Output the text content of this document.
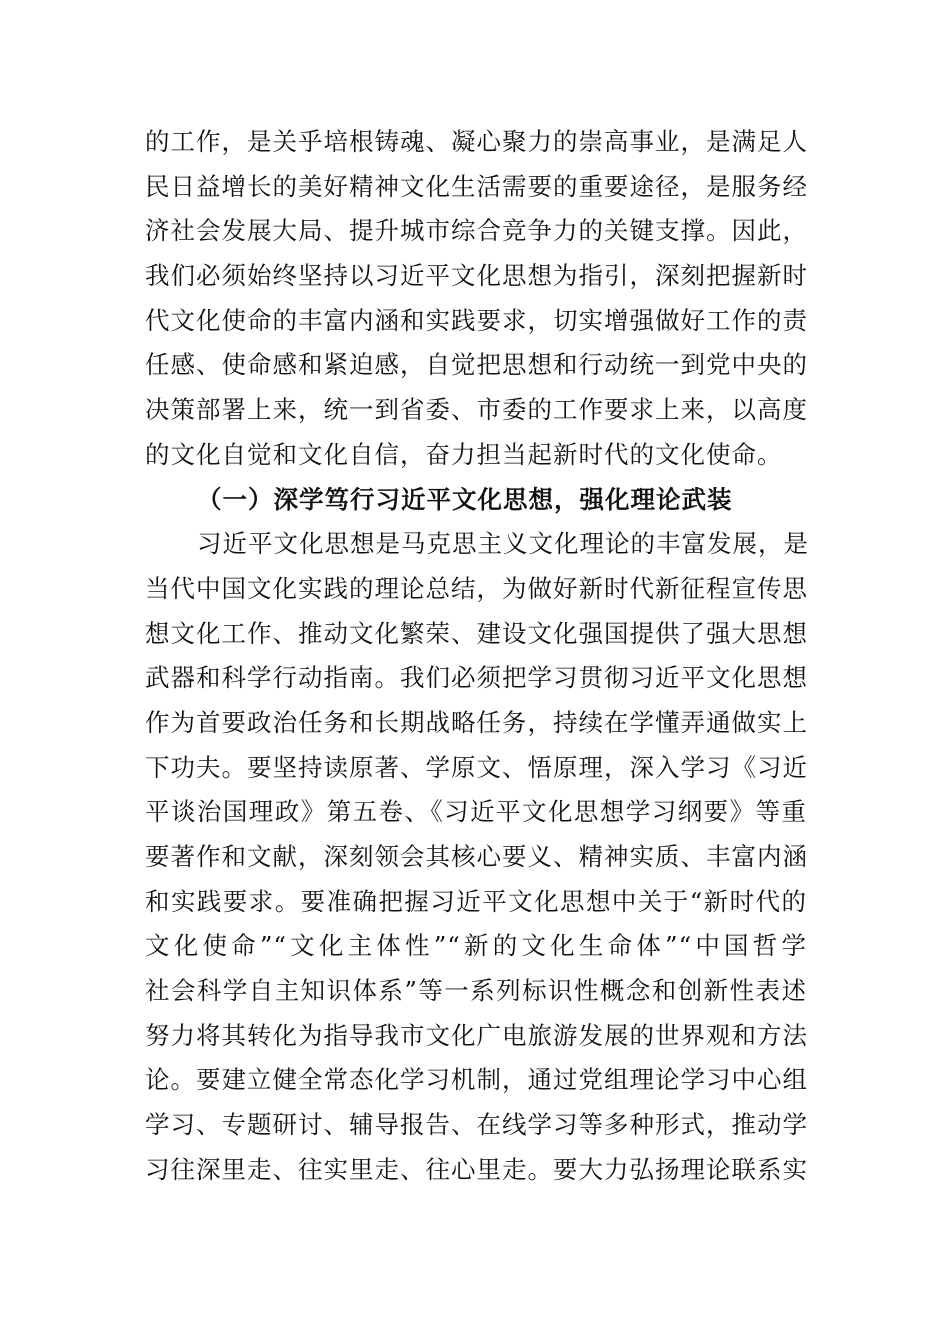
的工作，是关乎培根铸魂、凝心聚力的崇高事业，是满足人
民日益增长的美好精神文化生活需要的重要途径，是服务经
济社会发展大局、提升城市综合竞争力的关键支撑。因此，
我们必须始终坚持以习近平文化思想为指引，深刻把握新时
代文化使命的丰富内涵和实践要求，切实增强做好工作的责
任感、使命感和紧迫感，自觉把思想和行动统一到党中央的
决策部署上来，统一到省委、市委的工作要求上来，以高度
的文化自觉和文化自信，奋力担当起新时代的文化使命。
（一）深学笃行习近平文化思想，强化理论武装
习近平文化思想是马克思主义文化理论的丰富发展，是
当代中国文化实践的理论总结，为做好新时代新征程宣传思
想文化工作、推动文化繁荣、建设文化强国提供了强大思想
武器和科学行动指南。我们必须把学习贯彻习近平文化思想
作为首要政治任务和长期战略任务，持续在学懂弄通做实上
下功夫。要坚持读原著、学原文、悟原理，深入学习《习近
平谈治国理政》第五卷、《习近平文化思想学习纲要》等重
要著作和文献，深刻领会其核心要义、精神实质、丰富内涵
和实践要求。要准确把握习近平文化思想中关于“新时代的
文化使命”“文化主体性”“新的文化生命体”“中国哲学
社会科学自主知识体系”等一系列标识性概念和创新性表述
努力将其转化为指导我市文化广电旅游发展的世界观和方法
论。要建立健全常态化学习机制，通过党组理论学习中心组
学习、专题研讨、辅导报告、在线学习等多种形式，推动学
习往深里走、往实里走、往心里走。要大力弘扬理论联系实
